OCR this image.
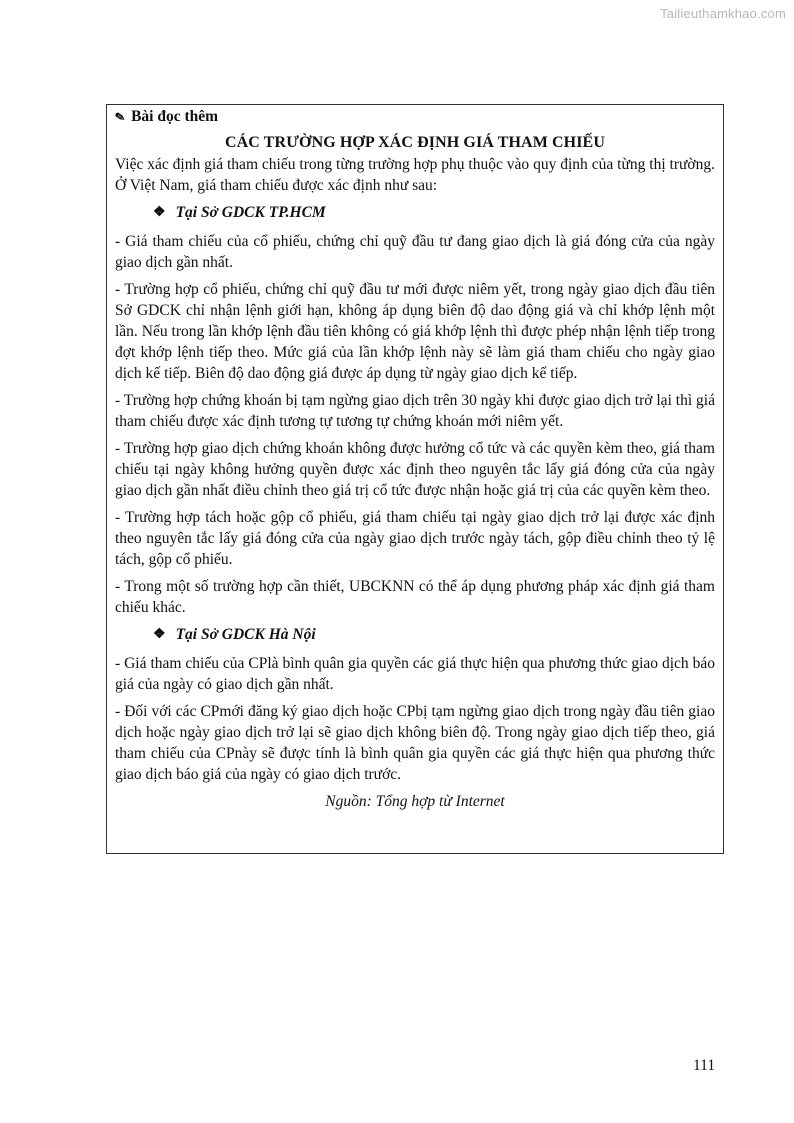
Tailieuthamkhao.com
✎ Bài đọc thêm
CÁC TRƯỜNG HỢP XÁC ĐỊNH GIÁ THAM CHIẾU

Việc xác định giá tham chiếu trong từng trường hợp phụ thuộc vào quy định của từng thị trường. Ở Việt Nam, giá tham chiếu được xác định như sau:

❖ Tại Sở GDCK TP.HCM

- Giá tham chiếu của cổ phiếu, chứng chỉ quỹ đầu tư đang giao dịch là giá đóng cửa của ngày giao dịch gần nhất.

- Trường hợp cổ phiếu, chứng chỉ quỹ đầu tư mới được niêm yết, trong ngày giao dịch đầu tiên Sở GDCK chỉ nhận lệnh giới hạn, không áp dụng biên độ dao động giá và chỉ khớp lệnh một lần. Nếu trong lần khớp lệnh đầu tiên không có giá khớp lệnh thì được phép nhận lệnh tiếp trong đợt khớp lệnh tiếp theo. Mức giá của lần khớp lệnh này sẽ làm giá tham chiếu cho ngày giao dịch kế tiếp. Biên độ dao động giá được áp dụng từ ngày giao dịch kế tiếp.

- Trường hợp chứng khoán bị tạm ngừng giao dịch trên 30 ngày khi được giao dịch trở lại thì giá tham chiếu được xác định tương tự tương tự chứng khoán mới niêm yết.

- Trường hợp giao dịch chứng khoán không được hưởng cổ tức và các quyền kèm theo, giá tham chiếu tại ngày không hưởng quyền được xác định theo nguyên tắc lấy giá đóng cửa của ngày giao dịch gần nhất điều chỉnh theo giá trị cổ tức được nhận hoặc giá trị của các quyền kèm theo.

- Trường hợp tách hoặc gộp cổ phiếu, giá tham chiếu tại ngày giao dịch trở lại được xác định theo nguyên tắc lấy giá đóng cửa của ngày giao dịch trước ngày tách, gộp điều chỉnh theo tỷ lệ tách, gộp cổ phiếu.

- Trong một số trường hợp cần thiết, UBCKNN có thể áp dụng phương pháp xác định giá tham chiếu khác.

❖ Tại Sở GDCK Hà Nội

- Giá tham chiếu của CPlà bình quân gia quyền các giá thực hiện qua phương thức giao dịch báo giá của ngày có giao dịch gần nhất.

- Đối với các CPmới đăng ký giao dịch hoặc CPbị tạm ngừng giao dịch trong ngày đầu tiên giao dịch hoặc ngày giao dịch trở lại sẽ giao dịch không biên độ. Trong ngày giao dịch tiếp theo, giá tham chiếu của CPnày sẽ được tính là bình quân gia quyền các giá thực hiện qua phương thức giao dịch báo giá của ngày có giao dịch trước.

Nguồn: Tổng hợp từ Internet
111
